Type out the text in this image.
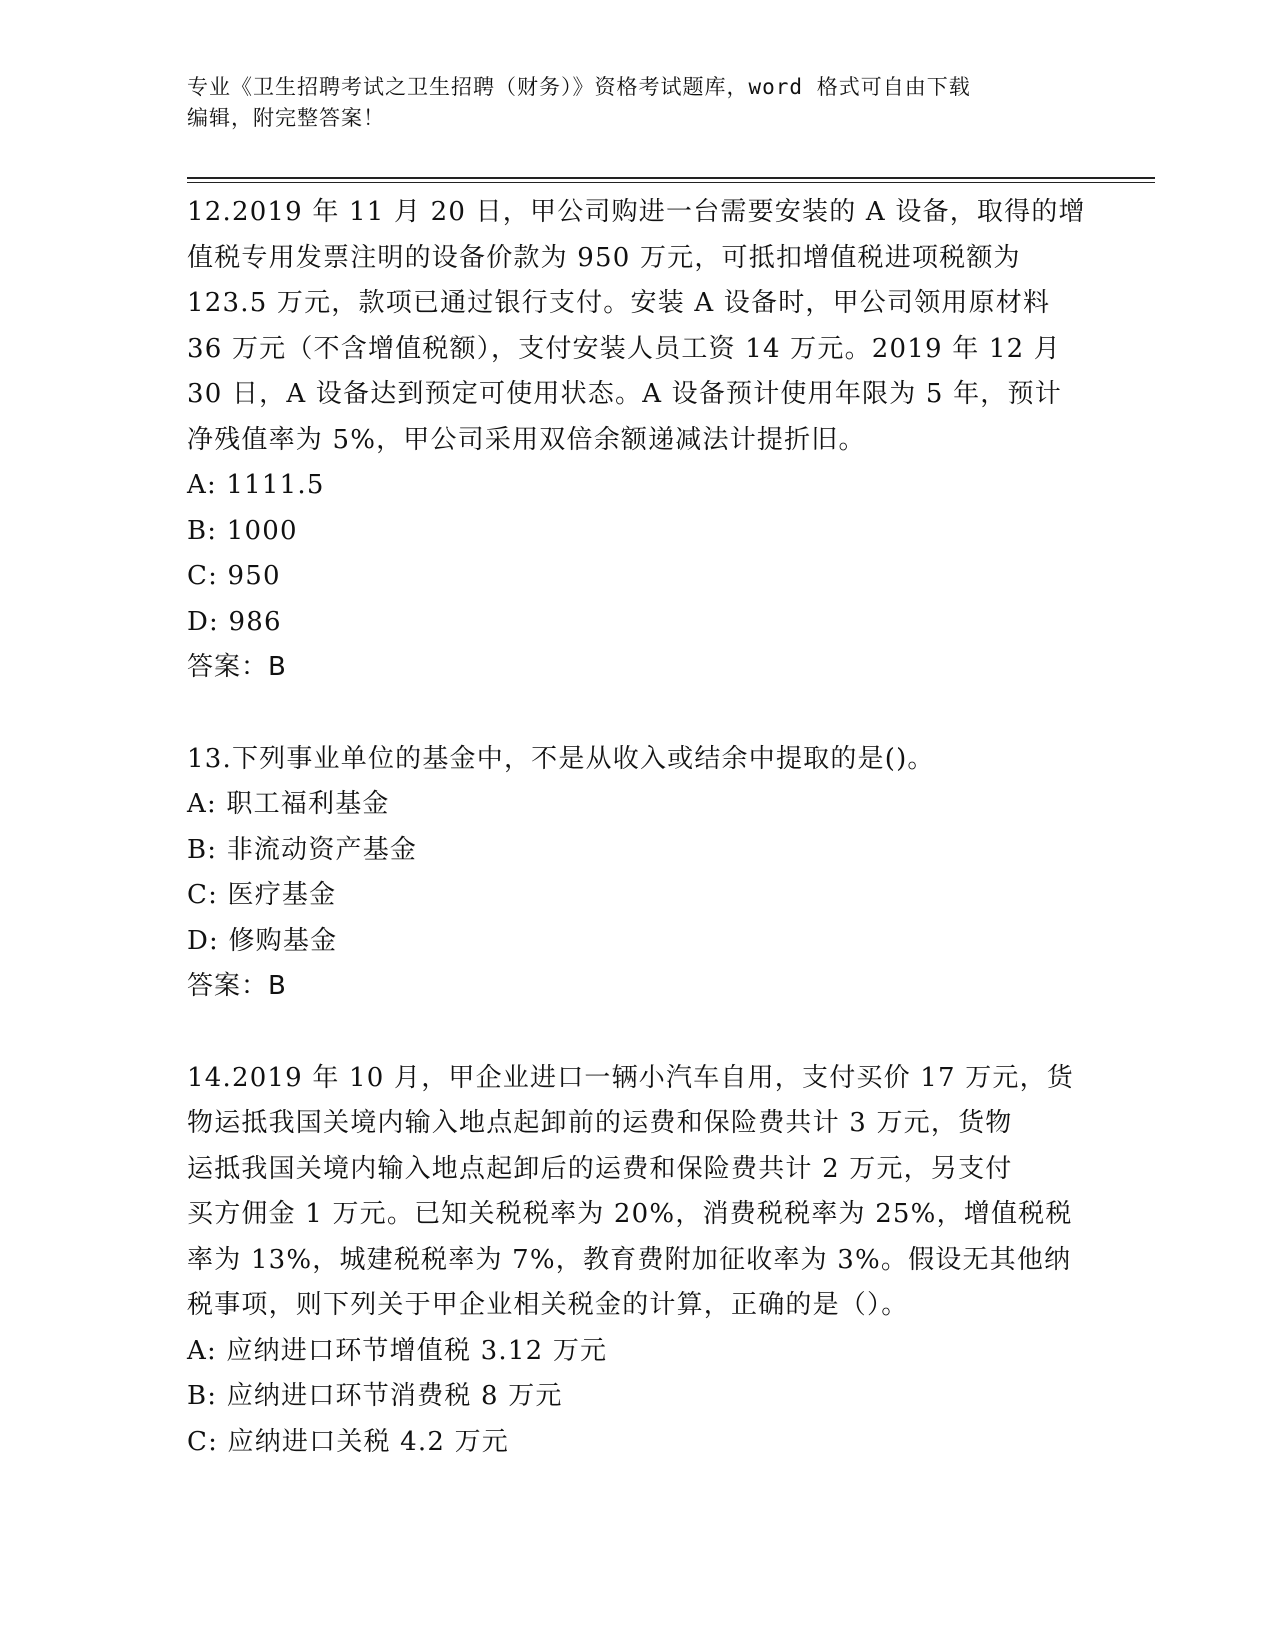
专业《卫生招聘考试之卫生招聘（财务）》资格考试题库，word 格式可自由下载
编辑，附完整答案！
12.2019 年 11 月 20 日，甲公司购进一台需要安装的 A 设备，取得的增
值税专用发票注明的设备价款为 950 万元，可抵扣增值税进项税额为
123.5 万元，款项已通过银行支付。安装 A 设备时，甲公司领用原材料
36 万元（不含增值税额），支付安装人员工资 14 万元。2019 年 12 月
30 日，A 设备达到预定可使用状态。A 设备预计使用年限为 5 年，预计
净残值率为 5%，甲公司采用双倍余额递减法计提折旧。
A: 1111.5
B: 1000
C: 950
D: 986
答案：B
13.下列事业单位的基金中，不是从收入或结余中提取的是()。
A: 职工福利基金
B: 非流动资产基金
C: 医疗基金
D: 修购基金
答案：B
14.2019 年 10 月，甲企业进口一辆小汽车自用，支付买价 17 万元，货
物运抵我国关境内输入地点起卸前的运费和保险费共计 3 万元，货物
运抵我国关境内输入地点起卸后的运费和保险费共计 2 万元，另支付
买方佣金 1 万元。已知关税税率为 20%，消费税税率为 25%，增值税税
率为 13%，城建税税率为 7%，教育费附加征收率为 3%。假设无其他纳
税事项，则下列关于甲企业相关税金的计算，正确的是（）。
A: 应纳进口环节增值税 3.12 万元
B: 应纳进口环节消费税 8 万元
C: 应纳进口关税 4.2 万元
